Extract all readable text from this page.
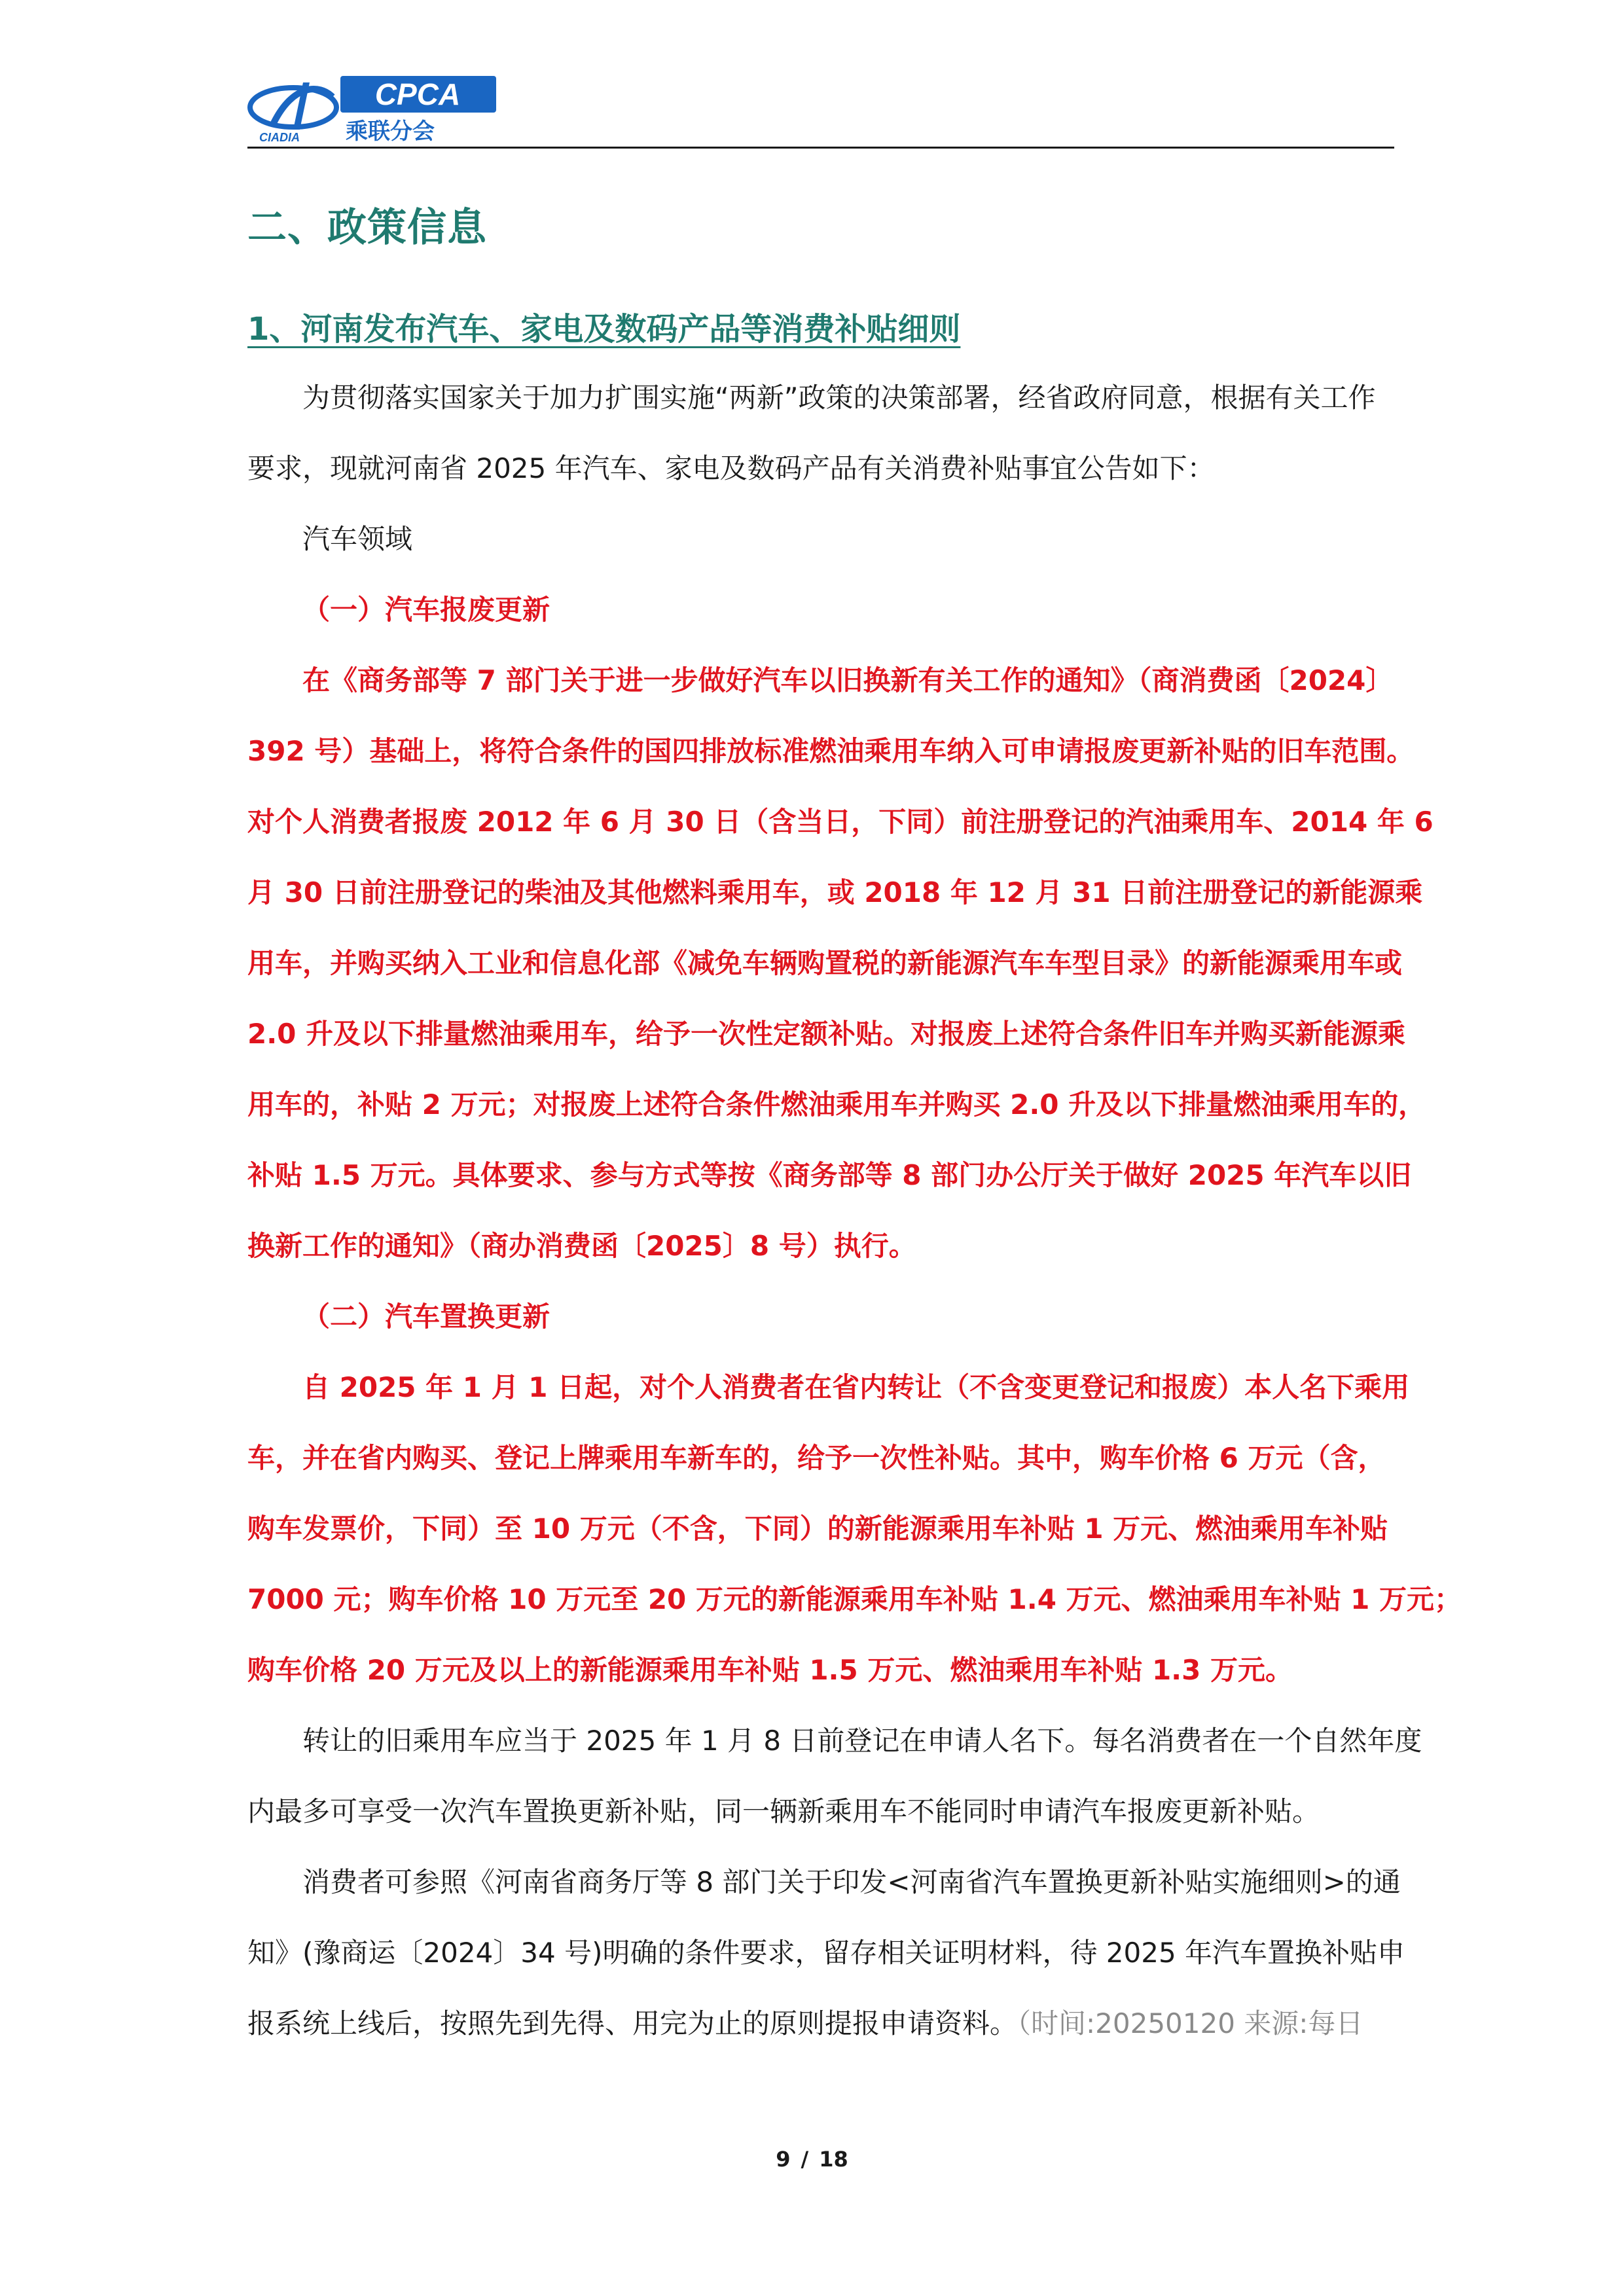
CPCA
乘联分会
CIADIA
二、政策信息
1、河南发布汽车、家电及数码产品等消费补贴细则
为贯彻落实国家关于加力扩围实施“两新”政策的决策部署，经省政府同意，根据有关工作
要求，现就河南省 2025 年汽车、家电及数码产品有关消费补贴事宜公告如下：
汽车领域
（一）汽车报废更新
在《商务部等 7 部门关于进一步做好汽车以旧换新有关工作的通知》（商消费函〔2024〕
392 号）基础上，将符合条件的国四排放标准燃油乘用车纳入可申请报废更新补贴的旧车范围。
对个人消费者报废 2012 年 6 月 30 日（含当日，下同）前注册登记的汽油乘用车、2014 年 6
月 30 日前注册登记的柴油及其他燃料乘用车，或 2018 年 12 月 31 日前注册登记的新能源乘
用车，并购买纳入工业和信息化部《减免车辆购置税的新能源汽车车型目录》的新能源乘用车或
2.0 升及以下排量燃油乘用车，给予一次性定额补贴。对报废上述符合条件旧车并购买新能源乘
用车的，补贴 2 万元；对报废上述符合条件燃油乘用车并购买 2.0 升及以下排量燃油乘用车的，
补贴 1.5 万元。具体要求、参与方式等按《商务部等 8 部门办公厅关于做好 2025 年汽车以旧
换新工作的通知》（商办消费函〔2025〕8 号）执行。
（二）汽车置换更新
自 2025 年 1 月 1 日起，对个人消费者在省内转让（不含变更登记和报废）本人名下乘用
车，并在省内购买、登记上牌乘用车新车的，给予一次性补贴。其中，购车价格 6 万元（含，
购车发票价，下同）至 10 万元（不含，下同）的新能源乘用车补贴 1 万元、燃油乘用车补贴
7000 元；购车价格 10 万元至 20 万元的新能源乘用车补贴 1.4 万元、燃油乘用车补贴 1 万元；
购车价格 20 万元及以上的新能源乘用车补贴 1.5 万元、燃油乘用车补贴 1.3 万元。
转让的旧乘用车应当于 2025 年 1 月 8 日前登记在申请人名下。每名消费者在一个自然年度
内最多可享受一次汽车置换更新补贴，同一辆新乘用车不能同时申请汽车报废更新补贴。
消费者可参照《河南省商务厅等 8 部门关于印发<河南省汽车置换更新补贴实施细则>的通
知》(豫商运〔2024〕34 号)明确的条件要求，留存相关证明材料，待 2025 年汽车置换补贴申
报系统上线后，按照先到先得、用完为止的原则提报申请资料。（时间:20250120 来源:每日
9 / 18
